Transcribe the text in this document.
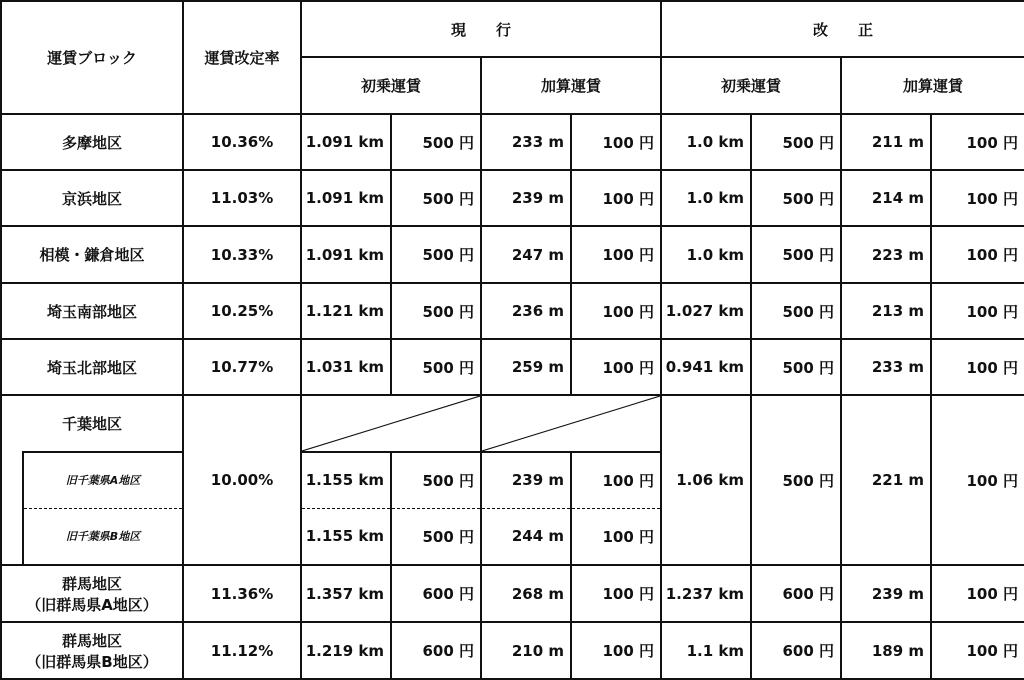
運賃ブロック		運賃改定率	現　　行				改　　正			
			初乗運賃		加算運賃		初乗運賃		加算運賃	
多摩地区		10.36%	1.091 km	500 円	233 m	100 円	1.0 km	500 円	211 m	100 円
京浜地区		11.03%	1.091 km	500 円	239 m	100 円	1.0 km	500 円	214 m	100 円
相模・鎌倉地区		10.33%	1.091 km	500 円	247 m	100 円	1.0 km	500 円	223 m	100 円
埼玉南部地区		10.25%	1.121 km	500 円	236 m	100 円	1.027 km	500 円	213 m	100 円
埼玉北部地区		10.77%	1.031 km	500 円	259 m	100 円	0.941 km	500 円	233 m	100 円
千葉地区		10.00%					1.06 km	500 円	221 m	100 円
	旧千葉県A地区		1.155 km	500 円	239 m	100 円				
	旧千葉県B地区		1.155 km	500 円	244 m	100 円				
群馬地区
（旧群馬県A地区）		11.36%	1.357 km	600 円	268 m	100 円	1.237 km	600 円	239 m	100 円
群馬地区
（旧群馬県B地区）		11.12%	1.219 km	600 円	210 m	100 円	1.1 km	600 円	189 m	100 円
